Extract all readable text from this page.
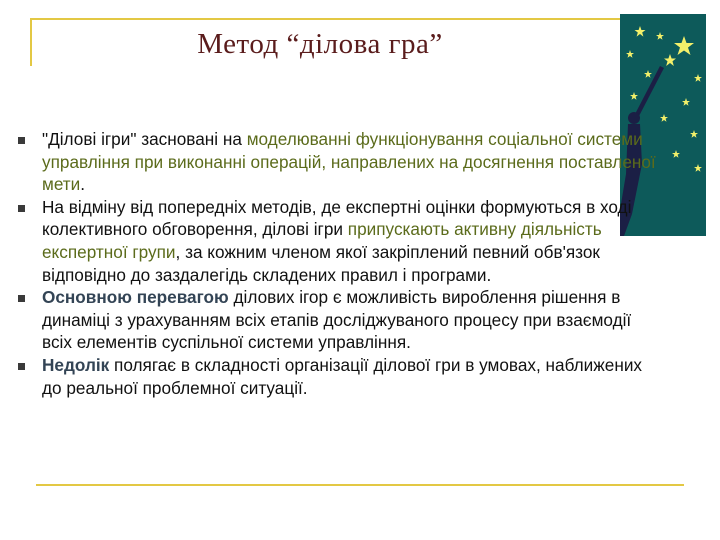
Метод “ділова гра”
"Ділові ігри" засновані на моделюванні функціонування соціальної системи управління при виконанні операцій, направлених на досягнення поставленої мети.
На відміну від попередніх методів, де експертні оцінки формуються в ході колективного обговорення, ділові ігри припускають активну діяльність експертної групи, за кожним членом якої закріплений певний обв'язок відповідно до заздалегідь складених правил і програми.
Основною перевагою ділових ігор є можливість вироблення рішення в динаміці з урахуванням всіх етапів досліджуваного процесу при взаємодії всіх елементів суспільної системи управління.
Недолік полягає в складності організації ділової гри в умовах, наближених до реальної проблемної ситуації.
